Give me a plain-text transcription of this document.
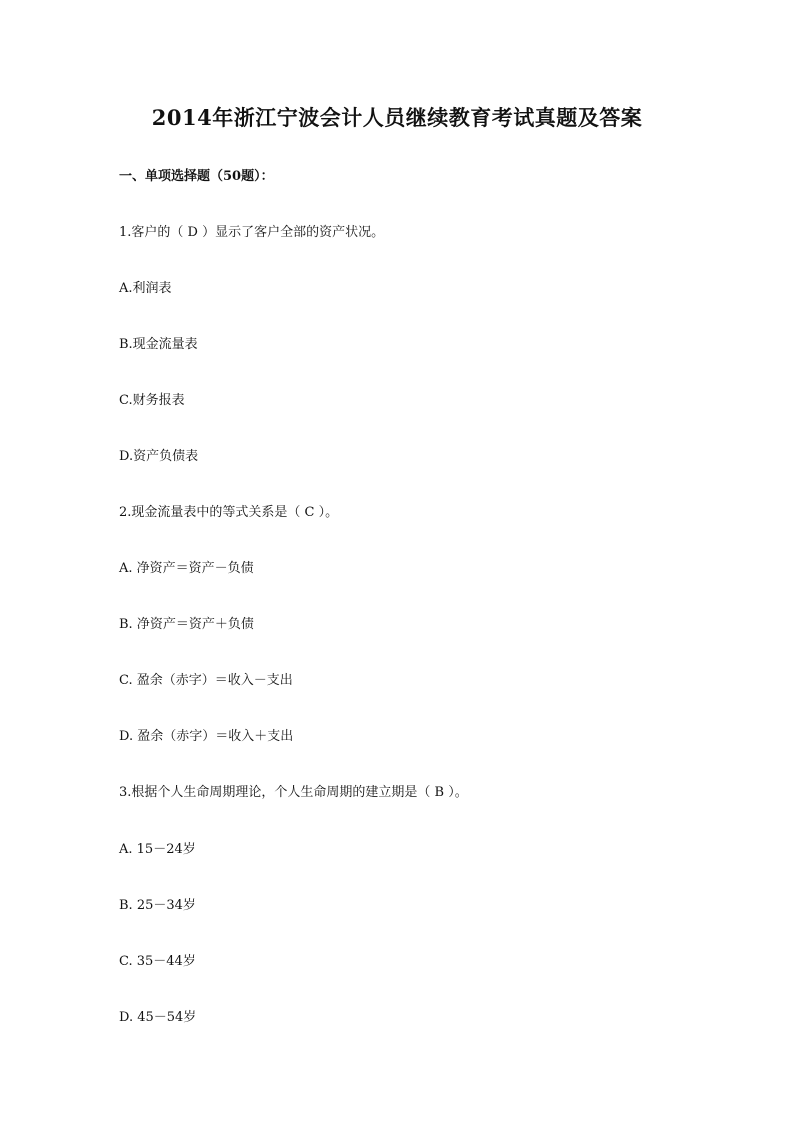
2014年浙江宁波会计人员继续教育考试真题及答案
一、单项选择题（50题）：
1.客户的（ D ）显示了客户全部的资产状况。
A.利润表
B.现金流量表
C.财务报表
D.资产负债表
2.现金流量表中的等式关系是（ C ）。
A. 净资产＝资产－负债
B. 净资产＝资产＋负债
C. 盈余（赤字）＝收入－支出
D. 盈余（赤字）＝收入＋支出
3.根据个人生命周期理论，个人生命周期的建立期是（ B ）。
A. 15－24岁
B. 25－34岁
C. 35－44岁
D. 45－54岁
